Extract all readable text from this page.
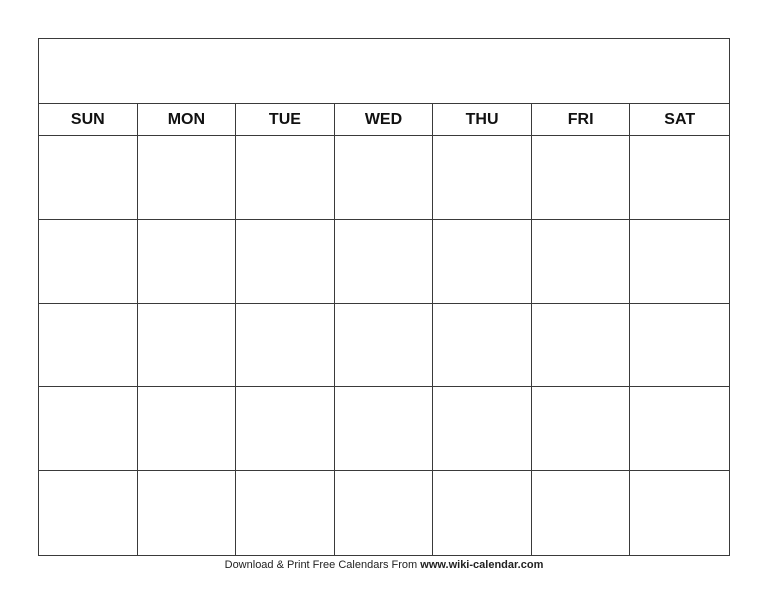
SUN	MON	TUE	WED	THU	FRI	SAT
Download & Print Free Calendars From www.wiki-calendar.com
